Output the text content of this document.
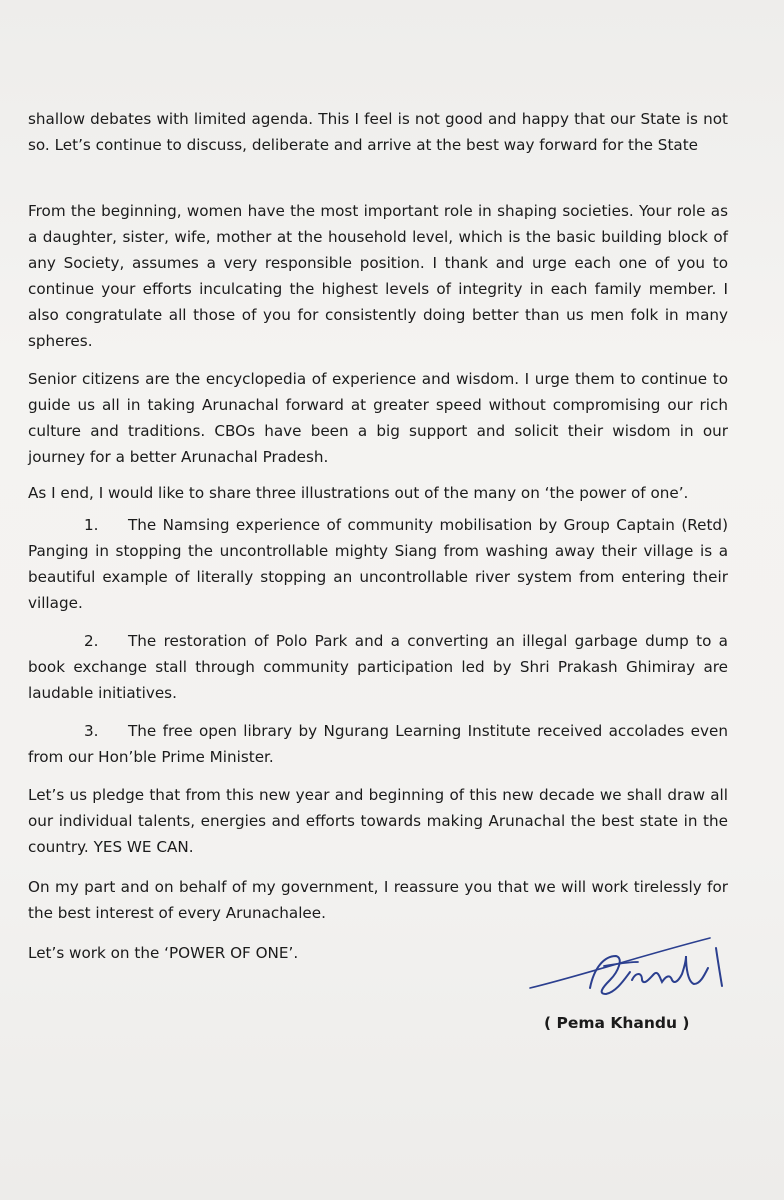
shallow debates with limited agenda. This I feel is not good and happy that our State is not so. Let’s continue to discuss, deliberate and arrive at the best way forward for the State

From the beginning, women have the most important role in shaping societies. Your role as a daughter, sister, wife, mother at the household level, which is the basic building block of any Society, assumes a very responsible position. I thank and urge each one of you to continue your efforts inculcating the highest levels of integrity in each family member. I also congratulate all those of you for consistently doing better than us men folk in many spheres.

Senior citizens are the encyclopedia of experience and wisdom. I urge them to continue to guide us all in taking Arunachal forward at greater speed without compromising our rich culture and traditions. CBOs have been a big support and solicit their wisdom in our journey for a better Arunachal Pradesh.

As I end, I would like to share three illustrations out of the many on ‘the power of one’.

1. The Namsing experience of community mobilisation by Group Captain (Retd) Panging in stopping the uncontrollable mighty Siang from washing away their village is a beautiful example of literally stopping an uncontrollable river system from entering their village.

2. The restoration of Polo Park and a converting an illegal garbage dump to a book exchange stall through community participation led by Shri Prakash Ghimiray are laudable initiatives.

3. The free open library by Ngurang Learning Institute received accolades even from our Hon’ble Prime Minister.

Let’s us pledge that from this new year and beginning of this new decade we shall draw all our individual talents, energies and efforts towards making Arunachal the best state in the country. YES WE CAN.

On my part and on behalf of my government, I reassure you that we will work tirelessly for the best interest of every Arunachalee.

Let’s work on the ‘POWER OF ONE’.

( Pema Khandu )
